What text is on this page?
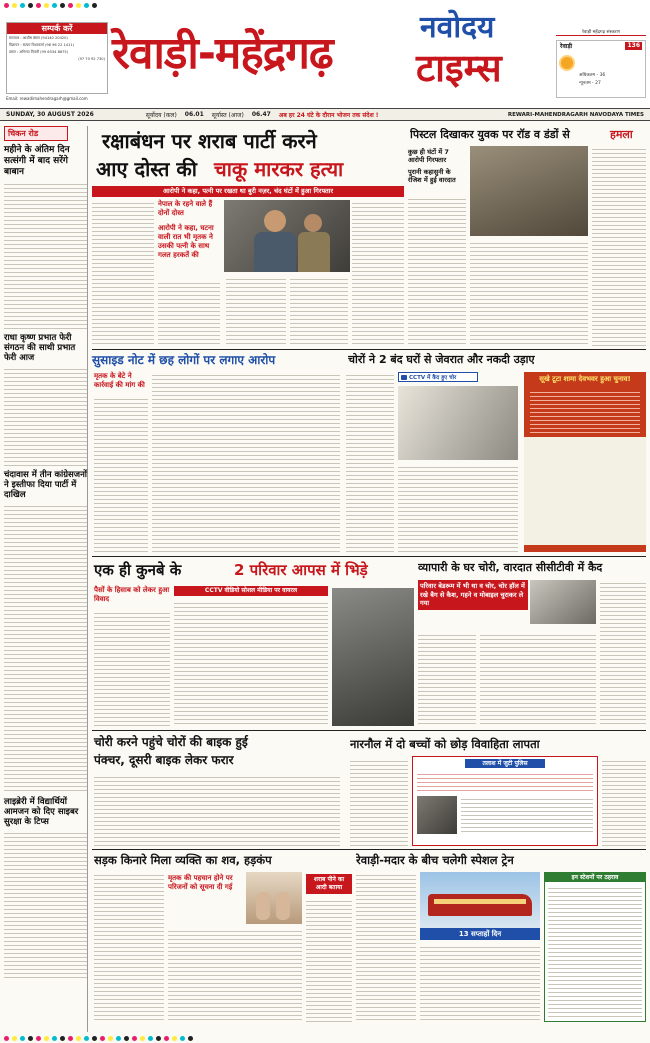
सम्पर्क करें
समाचार : आशीष बंसल (94140 20420)
विज्ञापन : सत्यम विश्वकर्मा (98 96 22 1411)
प्रसार : अभिनव तिवारी (99 6534 8675)
(97 70 92 730)
Email: rewadimahendragarh@gmail.com
रेवाड़ी-महेंद्रगढ़
नवोदय
टाइम्स
रेवाड़ी महेंद्रगढ़ संस्करण
रेवाड़ी	136
अधिकतम - 36
न्यूनतम - 27
SUNDAY, 30 AUGUST 2026	सूर्योदय (कल) 06.01 सूर्यास्त (आज) 06.47 अब हर 24 घंटे के दौरान भोजन तक संदेश !	REWARI-MAHENDRAGARH NAVODAYA TIMES
चिकन रोड
महीने के अंतिम दिन सत्संगी में बाद सरेंगे बाबान
राधा कृष्ण प्रभात फेरी संगठन की साथी प्रभात फेरी आज
चंदावास में तीन कांग्रेसजनों ने इस्तीफा दिया पार्टी में दाखिल
लाइब्रेरी में विद्यार्थियों आमजन को दिए साइबर सुरक्षा के टिप्स
रक्षाबंधन पर शराब पार्टी करने
आए दोस्त की चाकू मारकर हत्या
आरोपी ने कहा, पत्नी पर रखता था बुरी नज़र, चंद घंटों में हुआ गिरफ्तार
नेपाल के रहने वाले हैं दोनों दोस्त
आरोपी ने कहा, घटना वाली रात भी मृतक ने उसकी पत्नी के साथ गलत हरकतें की
पिस्टल दिखाकर युवक पर रॉड व डंडों से	हमला
कुछ ही घंटों में 7 आरोपी गिरफ्तार
पुरानी कहासुनी के रंजिश में हुई वारदात
सुसाइड नोट में छह लोगों पर लगाए आरोप
मृतक के बेटे ने कार्रवाई की मांग की
चोरों ने 2 बंद घरों से जेवरात और नकदी उड़ाए
CCTV में कैद हुए चोर	सूखे टूटा शामा देवभवर हुआ चुनाव!
एक ही कुनबे के	2 परिवार आपस में भिड़े
पैसों के हिसाब को लेकर हुआ विवाद
CCTV वीडियो सोशल मीडिया पर वायरल
व्यापारी के घर चोरी, वारदात सीसीटीवी में कैद
परिवार बेडरूम में भी था व चोर, चोर हॉल में रखे बैग से कैश, गहने व मोबाइल चुराकर ले गया
चोरी करने पहुंचे चोरों की बाइक हुई
पंक्चर, दूसरी बाइक लेकर फरार
नारनौल में दो बच्चों को छोड़ विवाहिता लापता
तलाश में जुटी पुलिस
सड़क किनारे मिला व्यक्ति का शव, हड़कंप
मृतक की पहचान होने पर परिजनों को सूचना दी गई
शराब पीने का आदी बताया
रेवाड़ी-मदार के बीच चलेगी स्पेशल ट्रेन
13 सप्ताहों दिन
इन स्टेशनों पर ठहराव
